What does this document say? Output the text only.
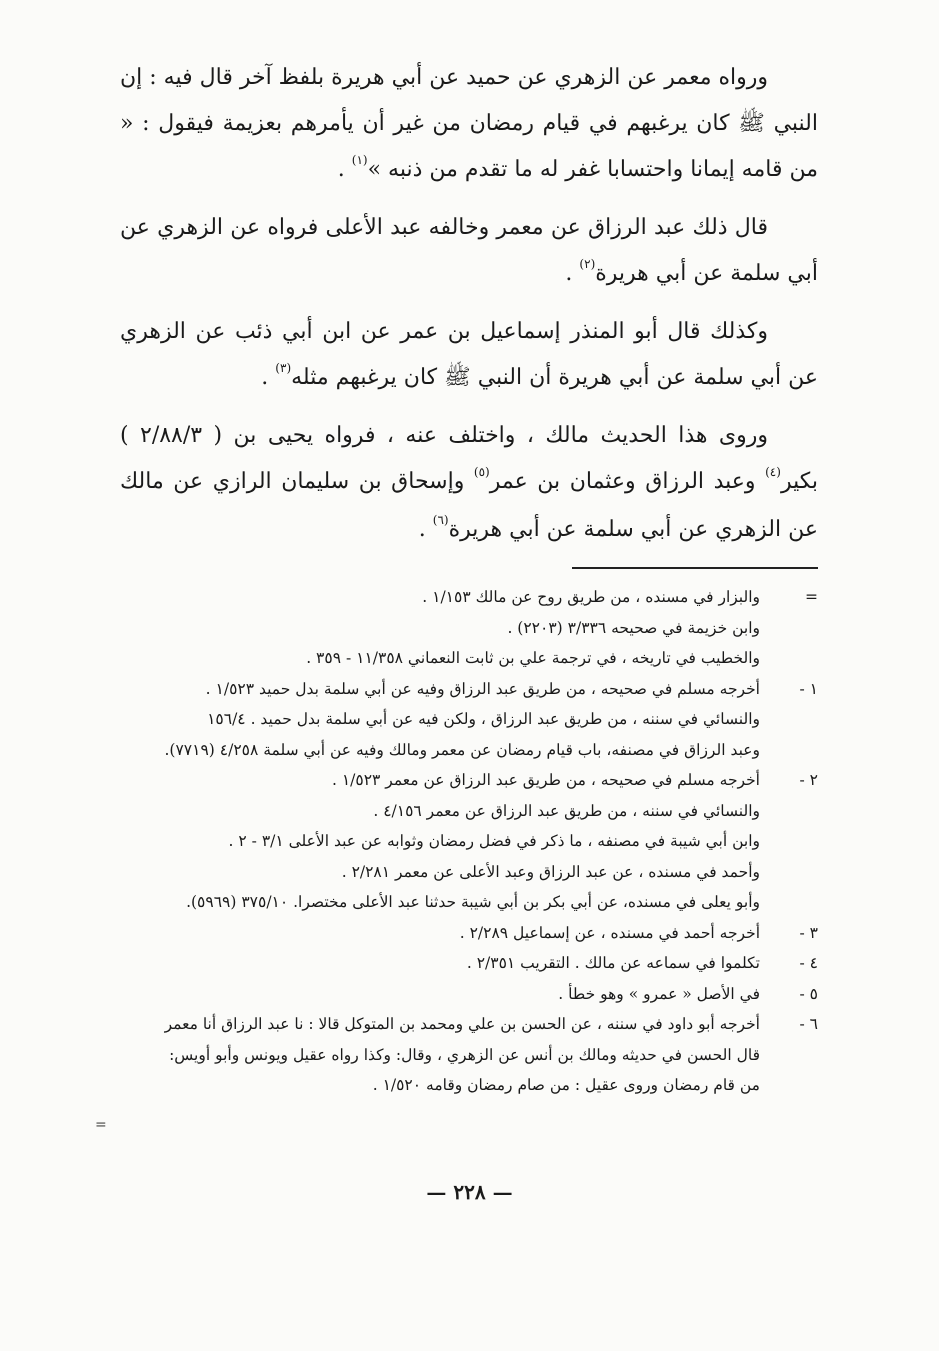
ورواه معمر عن الزهري عن حميد عن أبي هريرة بلفظ آخر قال فيه : إن النبي ﷺ كان يرغبهم في قيام رمضان من غير أن يأمرهم بعزيمة فيقول : « من قامه إيمانا واحتسابا غفر له ما تقدم من ذنبه »$^{(١)}$ .

قال ذلك عبد الرزاق عن معمر وخالفه عبد الأعلى فرواه عن الزهري عن أبي سلمة عن أبي هريرة$^{(٢)}$ .

وكذلك قال أبو المنذر إسماعيل بن عمر عن ابن أبي ذئب عن الزهري عن أبي سلمة عن أبي هريرة أن النبي ﷺ كان يرغبهم مثله$^{(٣)}$ .

وروى هذا الحديث مالك ، واختلف عنه ، فرواه يحيى بن ( ٢/٨٨/٣ ) بكير$^{(٤)}$ وعبد الرزاق وعثمان بن عمر$^{(٥)}$ وإسحاق بن سليمان الرازي عن مالك عن الزهري عن أبي سلمة عن أبي هريرة$^{(٦)}$ .

=
والبزار في مسنده ، من طريق روح عن مالك ١/١٥٣ .
وابن خزيمة في صحيحه ٣/٣٣٦ (٢٢٠٣) .
والخطيب في تاريخه ، في ترجمة علي بن ثابت النعماني ١١/٣٥٨ - ٣٥٩ .
١ -
أخرجه مسلم في صحيحه ، من طريق عبد الرزاق وفيه عن أبي سلمة بدل حميد ١/٥٢٣ .
والنسائي في سننه ، من طريق عبد الرزاق ، ولكن فيه عن أبي سلمة بدل حميد . ١٥٦/٤
وعبد الرزاق في مصنفه، باب قيام رمضان عن معمر ومالك وفيه عن أبي سلمة ٤/٢٥٨ (٧٧١٩).
٢ -
أخرجه مسلم في صحيحه ، من طريق عبد الرزاق عن معمر ١/٥٢٣ .
والنسائي في سننه ، من طريق عبد الرزاق عن معمر ٤/١٥٦ .
وابن أبي شيبة في مصنفه ، ما ذكر في فضل رمضان وثوابه عن عبد الأعلى ٣/١ - ٢ .
وأحمد في مسنده ، عن عبد الرزاق وعبد الأعلى عن معمر ٢/٢٨١ .
وأبو يعلى في مسنده، عن أبي بكر بن أبي شيبة حدثنا عبد الأعلى مختصرا. ٣٧٥/١٠ (٥٩٦٩).
٣ -
أخرجه أحمد في مسنده ، عن إسماعيل ٢/٢٨٩ .
٤ -
تكلموا في سماعه عن مالك . التقريب ٢/٣٥١ .
٥ -
في الأصل « عمرو » وهو خطأ .
٦ -
أخرجه أبو داود في سننه ، عن الحسن بن علي ومحمد بن المتوكل قالا : نا عبد الرزاق أنا معمر
قال الحسن في حديثه ومالك بن أنس عن الزهري ، وقال: وكذا رواه عقيل ويونس وأبو أويس:
من قام رمضان وروى عقيل : من صام رمضان وقامه ١/٥٢٠ .
=
— ٢٢٨ —
